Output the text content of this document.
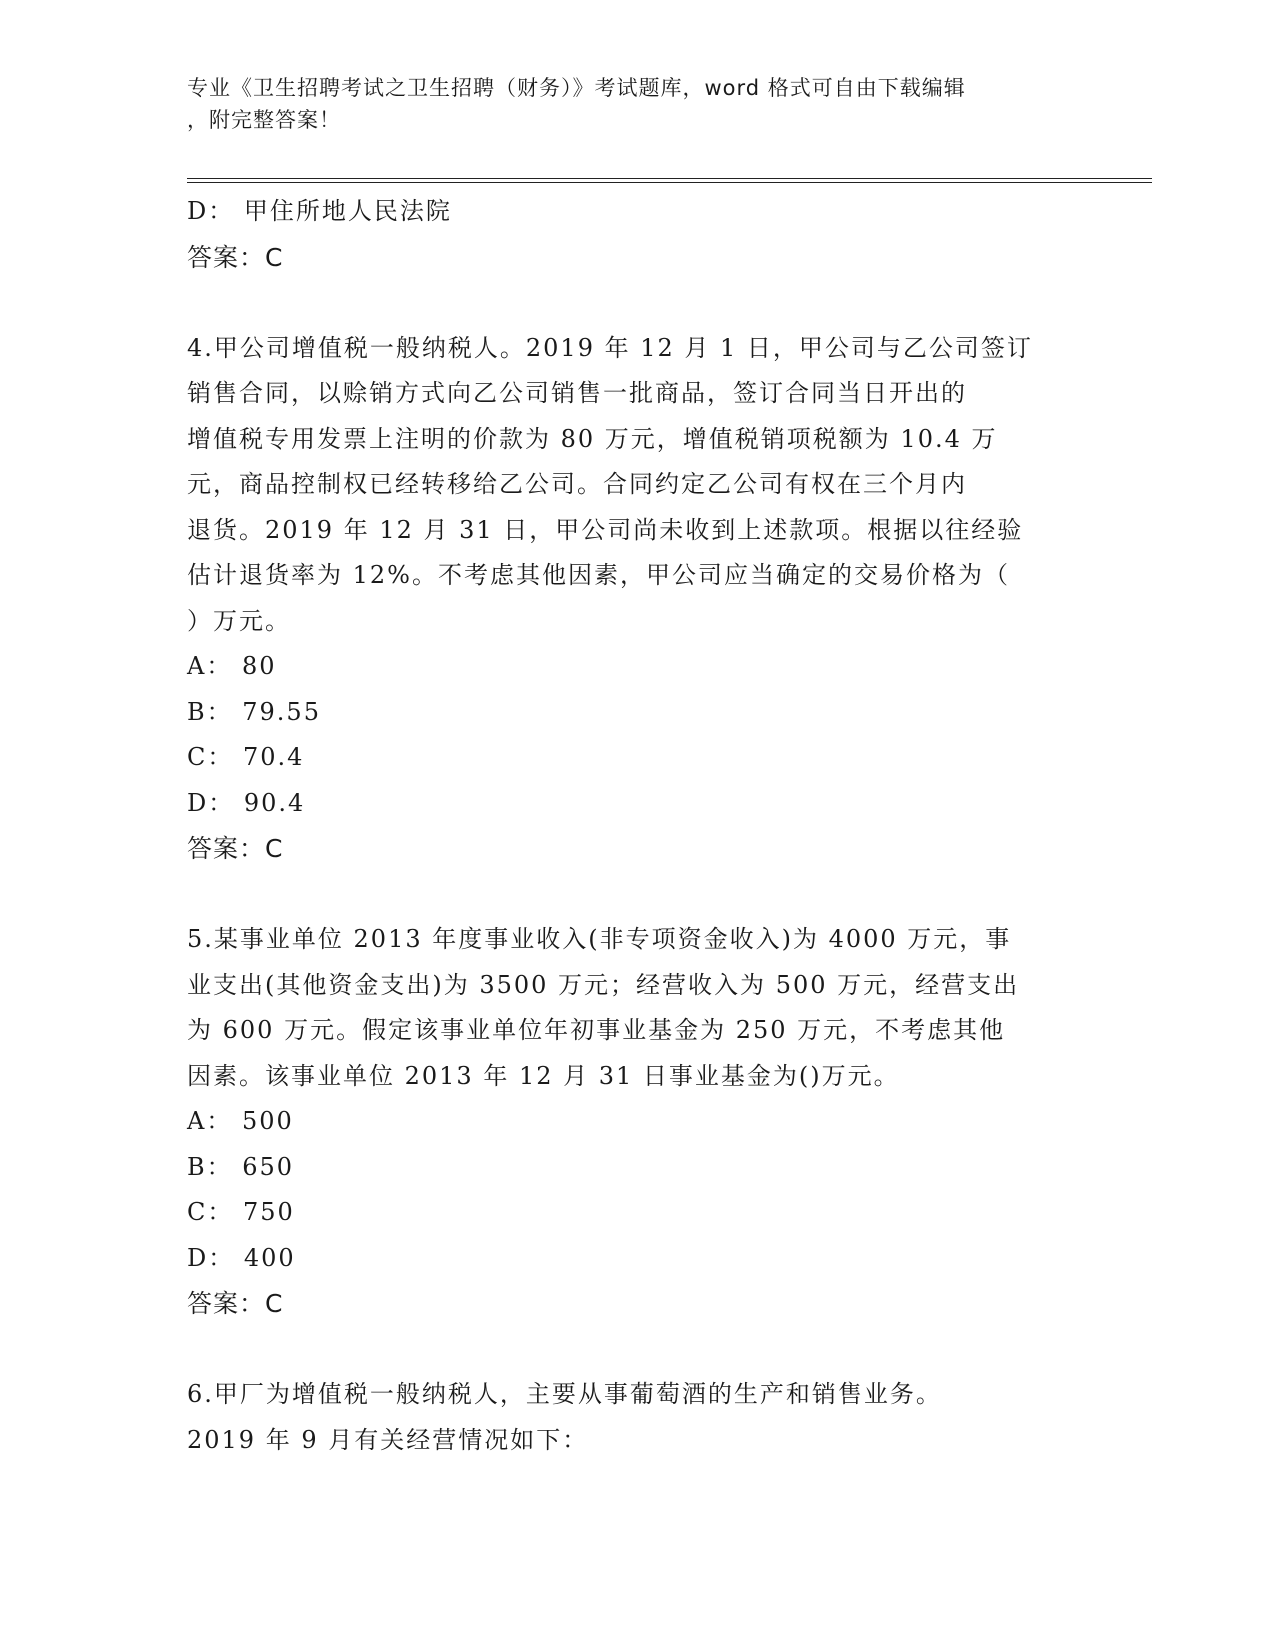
专业《卫生招聘考试之卫生招聘（财务）》考试题库，word 格式可自由下载编辑
，附完整答案！
D： 甲住所地人民法院
答案：C
4.甲公司增值税一般纳税人。2019 年 12 月 1 日，甲公司与乙公司签订
销售合同，以赊销方式向乙公司销售一批商品，签订合同当日开出的
增值税专用发票上注明的价款为 80 万元，增值税销项税额为 10.4 万
元，商品控制权已经转移给乙公司。合同约定乙公司有权在三个月内
退货。2019 年 12 月 31 日，甲公司尚未收到上述款项。根据以往经验
估计退货率为 12%。不考虑其他因素，甲公司应当确定的交易价格为（
）万元。
A： 80
B： 79.55
C： 70.4
D： 90.4
答案：C
5.某事业单位 2013 年度事业收入(非专项资金收入)为 4000 万元，事
业支出(其他资金支出)为 3500 万元；经营收入为 500 万元，经营支出
为 600 万元。假定该事业单位年初事业基金为 250 万元，不考虑其他
因素。该事业单位 2013 年 12 月 31 日事业基金为()万元。
A： 500
B： 650
C： 750
D： 400
答案：C
6.甲厂为增值税一般纳税人，主要从事葡萄酒的生产和销售业务。
2019 年 9 月有关经营情况如下：
